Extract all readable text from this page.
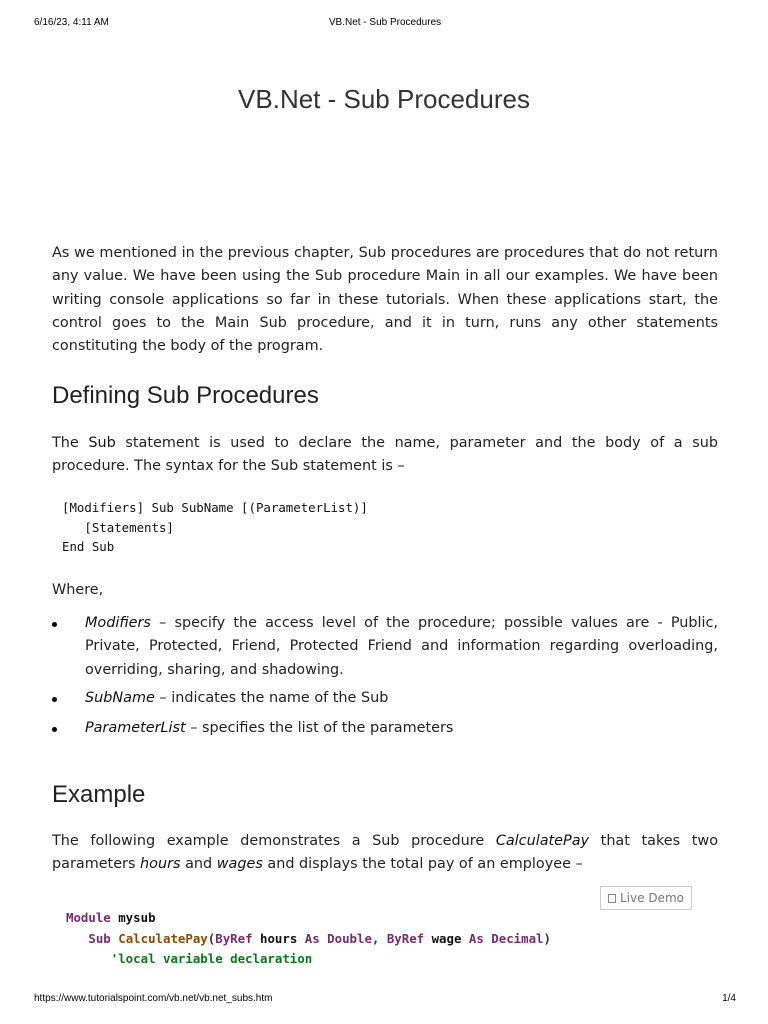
6/16/23, 4:11 AM	VB.Net - Sub Procedures
VB.Net - Sub Procedures

As we mentioned in the previous chapter, Sub procedures are procedures that do not return any value. We have been using the Sub procedure Main in all our examples. We have been writing console applications so far in these tutorials. When these applications start, the control goes to the Main Sub procedure, and it in turn, runs any other statements constituting the body of the program.

Defining Sub Procedures

The Sub statement is used to declare the name, parameter and the body of a sub procedure. The syntax for the Sub statement is –

[Modifiers] Sub SubName [(ParameterList)]
[Statements]
End Sub

Where,

Modifiers – specify the access level of the procedure; possible values are - Public, Private, Protected, Friend, Protected Friend and information regarding overloading, overriding, sharing, and shadowing.
SubName – indicates the name of the Sub
ParameterList – specifies the list of the parameters
Example

The following example demonstrates a Sub procedure CalculatePay that takes two parameters hours and wages and displays the total pay of an employee –

Live Demo
Module mysub
Sub CalculatePay(ByRef hours As Double, ByRef wage As Decimal)
'local variable declaration
https://www.tutorialspoint.com/vb.net/vb.net_subs.htm	1/4
